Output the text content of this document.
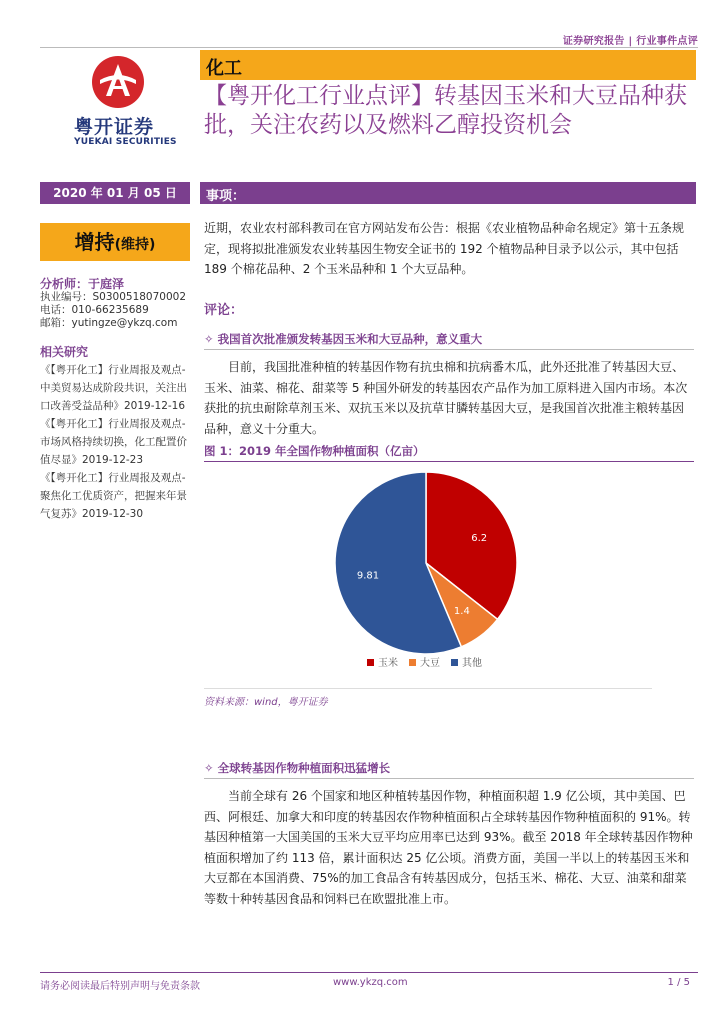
证券研究报告 | 行业事件点评
粤开证券
YUEKAI SECURITIES
化工
【粤开化工行业点评】转基因玉米和大豆品种获批，关注农药以及燃料乙醇投资机会
2020 年 01 月 05 日	事项：
增持(维持)
分析师：于庭泽
执业编号：S0300518070002
电话：010-66235689
邮箱：yutingze@ykzq.com
相关研究
《【粤开化工】行业周报及观点-中美贸易达成阶段共识，关注出口改善受益品种》2019-12-16
《【粤开化工】行业周报及观点-市场风格持续切换，化工配置价值尽显》2019-12-23
《【粤开化工】行业周报及观点-聚焦化工优质资产，把握来年景气复苏》2019-12-30
近期，农业农村部科教司在官方网站发布公告：根据《农业植物品种命名规定》第十五条规定，现将拟批准颁发农业转基因生物安全证书的 192 个植物品种目录予以公示，其中包括 189 个棉花品种、2 个玉米品种和 1 个大豆品种。
评论：
✧ 我国首次批准颁发转基因玉米和大豆品种，意义重大
目前，我国批准种植的转基因作物有抗虫棉和抗病番木瓜，此外还批准了转基因大豆、玉米、油菜、棉花、甜菜等 5 种国外研发的转基因农产品作为加工原料进入国内市场。本次获批的抗虫耐除草剂玉米、双抗玉米以及抗草甘膦转基因大豆，是我国首次批准主粮转基因品种，意义十分重大。
图 1：2019 年全国作物种植面积（亿亩）
6.2
1.4
9.81
玉米 大豆 其他
资料来源：wind，粤开证券
✧ 全球转基因作物种植面积迅猛增长
当前全球有 26 个国家和地区种植转基因作物，种植面积超 1.9 亿公顷，其中美国、巴西、阿根廷、加拿大和印度的转基因农作物种植面积占全球转基因作物种植面积的 91%。转基因种植第一大国美国的玉米大豆平均应用率已达到 93%。截至 2018 年全球转基因作物种植面积增加了约 113 倍，累计面积达 25 亿公顷。消费方面，美国一半以上的转基因玉米和大豆都在本国消费、75%的加工食品含有转基因成分，包括玉米、棉花、大豆、油菜和甜菜等数十种转基因食品和饲料已在欧盟批准上市。
请务必阅读最后特别声明与免责条款	www.ykzq.com	1 / 5
